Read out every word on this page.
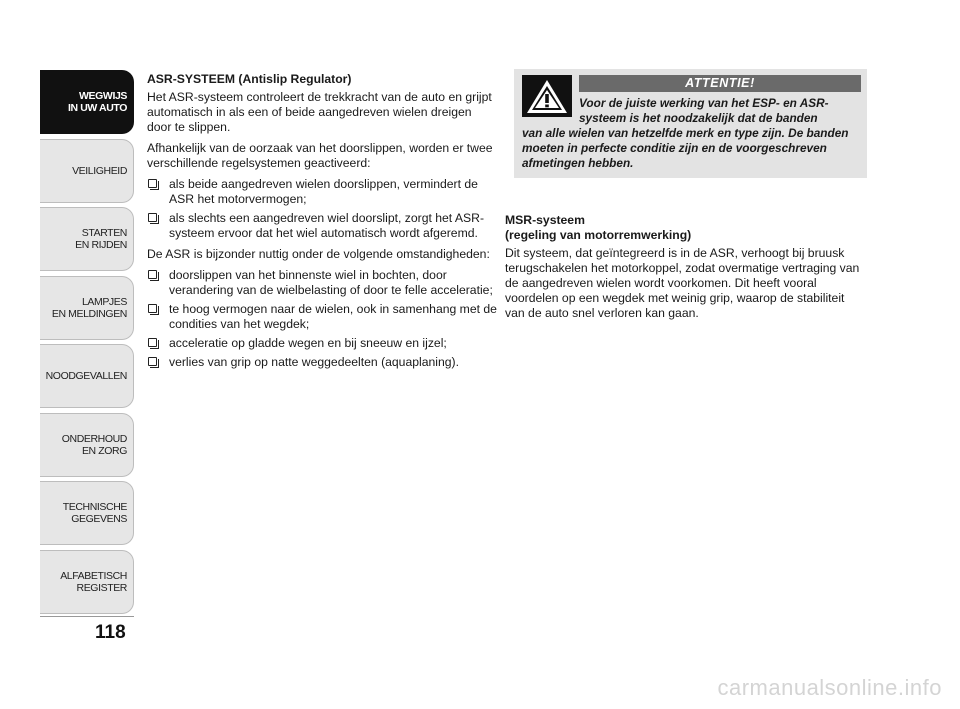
WEGWIJS
IN UW AUTO
VEILIGHEID
STARTEN
EN RIJDEN
LAMPJES
EN MELDINGEN
NOODGEVALLEN
ONDERHOUD
EN ZORG
TECHNISCHE
GEGEVENS
ALFABETISCH
REGISTER
118
ASR-SYSTEEM (Antislip Regulator)

Het ASR-systeem controleert de trekkracht van de auto en grijpt automatisch in als een of beide aangedreven wielen dreigen door te slippen.

Afhankelijk van de oorzaak van het doorslippen, worden er twee verschillende regelsystemen geactiveerd:

als beide aangedreven wielen doorslippen, vermindert de ASR het motorvermogen;
als slechts een aangedreven wiel doorslipt, zorgt het ASR-systeem ervoor dat het wiel automatisch wordt afgeremd.

De ASR is bijzonder nuttig onder de volgende omstandigheden:

doorslippen van het binnenste wiel in bochten, door verandering van de wielbelasting of door te felle acceleratie;
te hoog vermogen naar de wielen, ook in samenhang met de condities van het wegdek;
acceleratie op gladde wegen en bij sneeuw en ijzel;
verlies van grip op natte weggedeelten (aquaplaning).
ATTENTIE!
Voor de juiste werking van het ESP- en ASR-
systeem is het noodzakelijk dat de banden
van alle wielen van hetzelfde merk en type zijn. De banden moeten in perfecte conditie zijn en de voorgeschreven afmetingen hebben.
MSR-systeem
(regeling van motorremwerking)

Dit systeem, dat geïntegreerd is in de ASR, verhoogt bij bruusk terugschakelen het motorkoppel, zodat overmatige vertraging van de aangedreven wielen wordt voorkomen. Dit heeft vooral voordelen op een wegdek met weinig grip, waarop de stabiliteit van de auto snel verloren kan gaan.

carmanualsonline.info
